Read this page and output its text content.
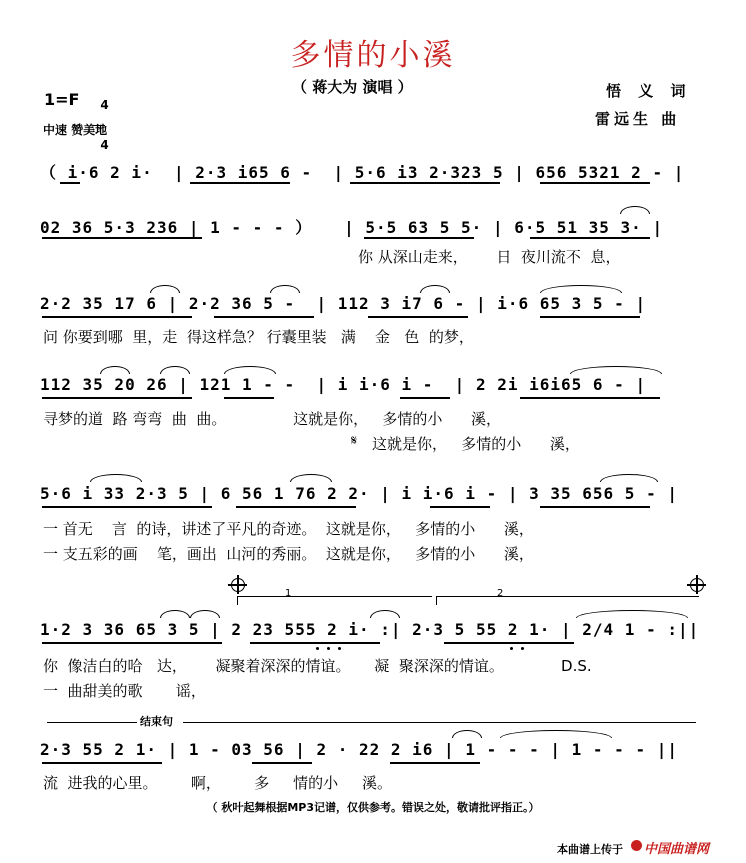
多情的小溪
（ 蒋大为 演唱 ）	悟 义 词
雷远生 曲
1=F	4

4

中速 赞美地
（ i·6 2 i·  | 2·3 i65 6 -  | 5·6 i3 2·323 5 | 656 5321 2 - |
02 36 5·3 236 | 1 - - - ）   | 5·5 63 5 5· | 6·5 51 35 3· |
你 从深山走来，      日  夜川流不  息，
2·2 35 17 6 | 2·2 36 5 -  | 112 3 i7 6 - | i·6 65 3 5 - |
问 你要到哪  里，走  得这样急？ 行囊里装   满    金   色  的梦，
112 35 20 26 | 121 1 - -  | i i·6 i -  | 2 2i i6i65 6 - |
寻梦的道  路 弯弯  曲  曲。              这就是你，   多情的小      溪，
𝄋 这就是你，   多情的小      溪，
5·6 i 33 2·3 5 | 6 56 1 76 2 2· | i i·6 i - | 3 35 656 5 - |
一 首无    言  的诗，讲述了平凡的奇迹。  这就是你，   多情的小      溪，
一 支五彩的画    笔，画出  山河的秀丽。  这就是你，   多情的小      溪，
1	2
1·2 3 36 65 3 5 | 2 23 555 2 i· :| 2·3 5 55 2 1· | 2/4 1 - :||
你  像洁白的哈   达，      凝聚着深深的情谊。     凝  聚深深的情谊。            D.S.
一  曲甜美的歌       谣，
结束句
2·3 55 2 1· | 1 - 03 56 | 2 · 22 2 i6 | 1 - - - | 1 - - - ||
流  进我的心里。       啊，       多     情的小     溪。
（ 秋叶起舞根据MP3记谱，仅供参考。错误之处，敬请批评指正。）
本曲谱上传于 中国曲谱网
